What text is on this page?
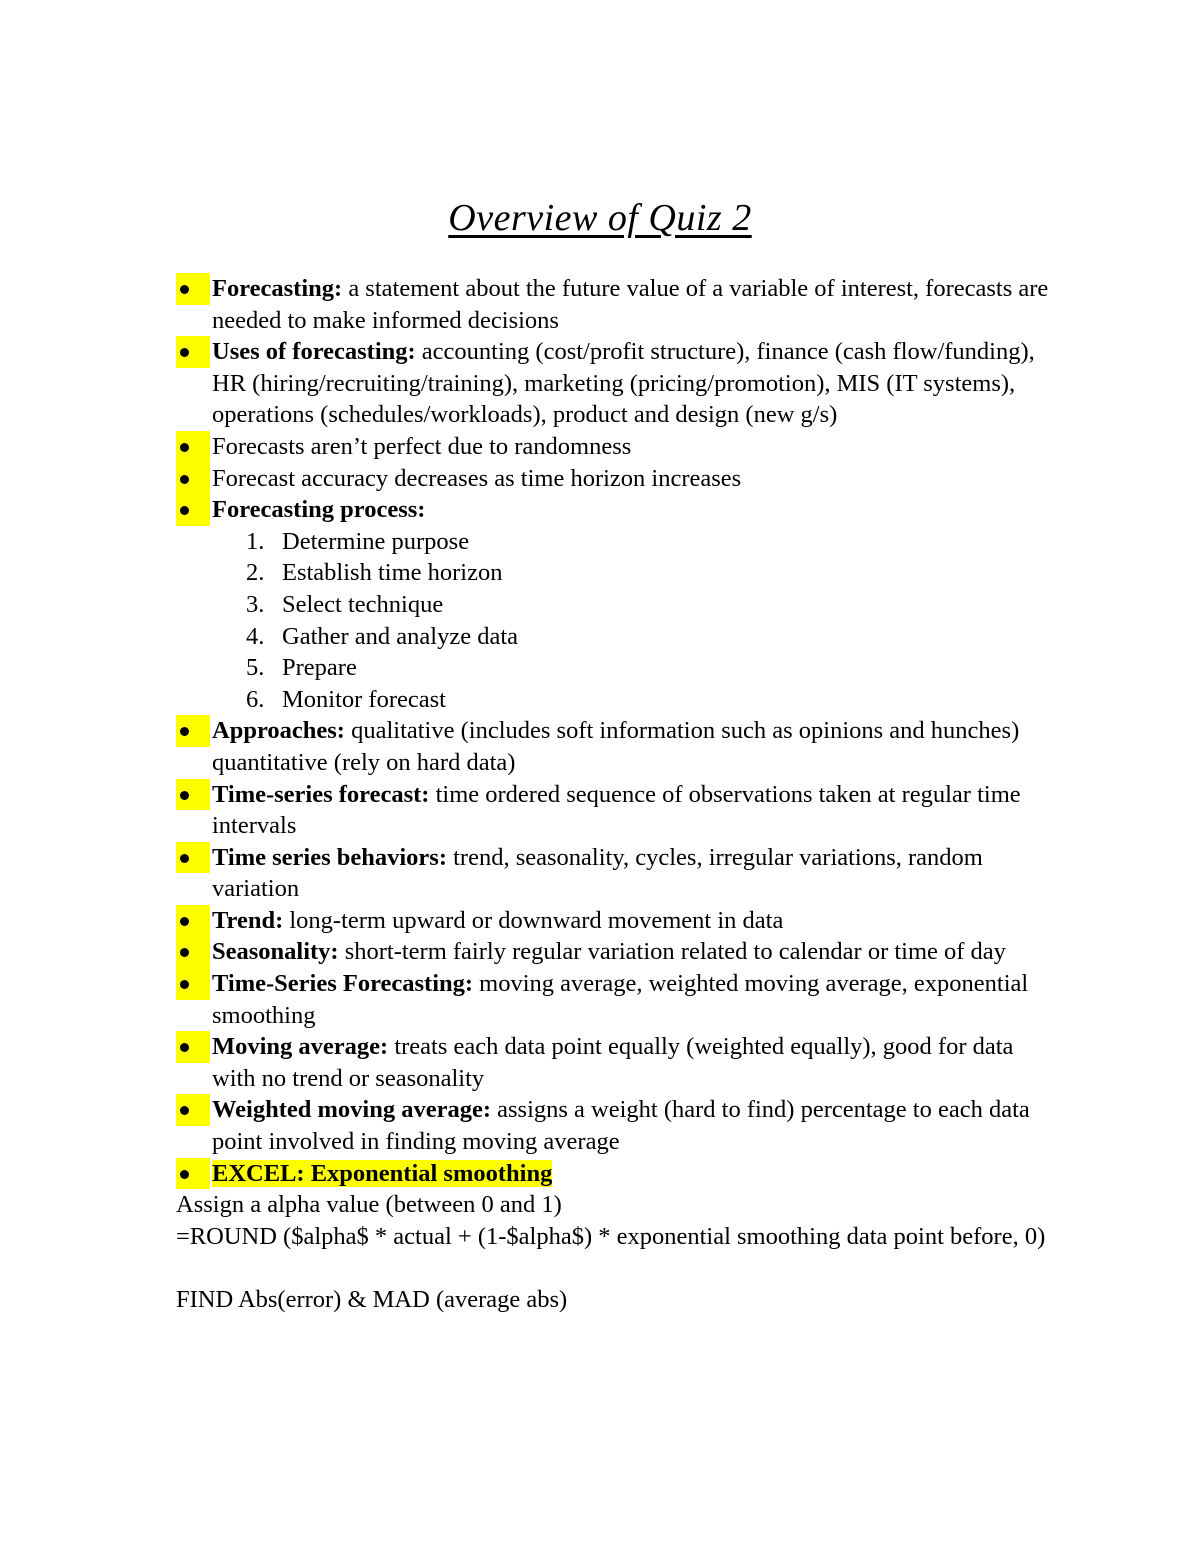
Overview of Quiz 2
Forecasting: a statement about the future value of a variable of interest, forecasts are needed to make informed decisions
Uses of forecasting: accounting (cost/profit structure), finance (cash flow/funding), HR (hiring/recruiting/training), marketing (pricing/promotion), MIS (IT systems), operations (schedules/workloads), product and design (new g/s)
Forecasts aren’t perfect due to randomness
Forecast accuracy decreases as time horizon increases
Forecasting process:
1. Determine purpose
2. Establish time horizon
3. Select technique
4. Gather and analyze data
5. Prepare
6. Monitor forecast
Approaches: qualitative (includes soft information such as opinions and hunches) quantitative (rely on hard data)
Time-series forecast: time ordered sequence of observations taken at regular time intervals
Time series behaviors: trend, seasonality, cycles, irregular variations, random variation
Trend: long-term upward or downward movement in data
Seasonality: short-term fairly regular variation related to calendar or time of day
Time-Series Forecasting: moving average, weighted moving average, exponential smoothing
Moving average: treats each data point equally (weighted equally), good for data with no trend or seasonality
Weighted moving average: assigns a weight (hard to find) percentage to each data point involved in finding moving average
EXCEL: Exponential smoothing
Assign a alpha value (between 0 and 1)
=ROUND ($alpha$ * actual + (1-$alpha$) * exponential smoothing data point before, 0)
FIND Abs(error) & MAD (average abs)
